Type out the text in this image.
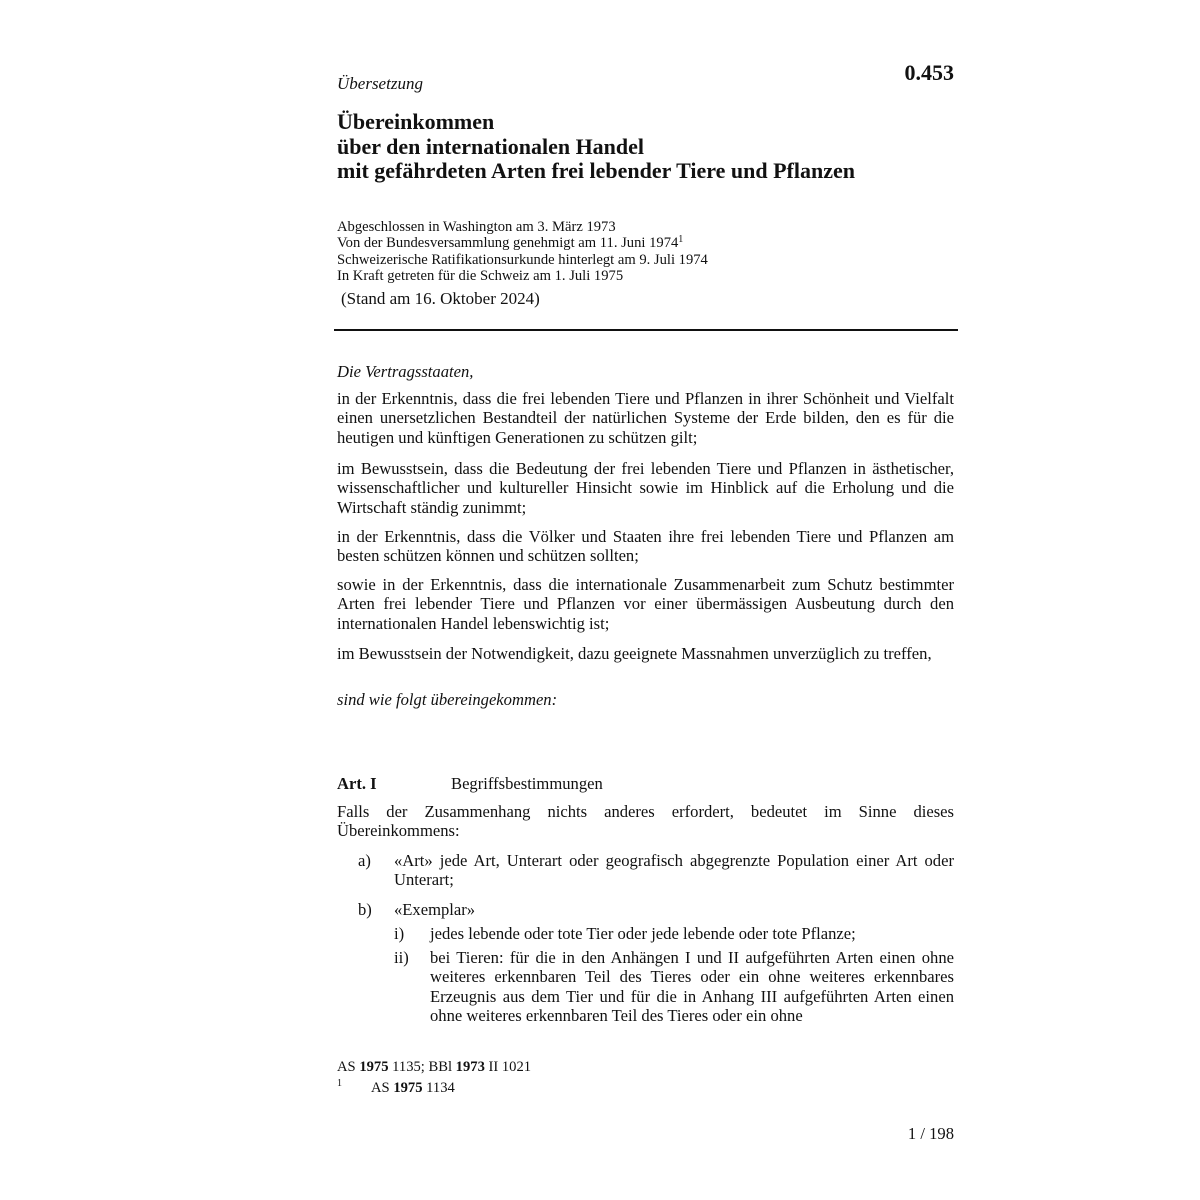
Übersetzung	0.453
Übereinkommen
über den internationalen Handel
mit gefährdeten Arten frei lebender Tiere und Pflanzen
Abgeschlossen in Washington am 3. März 1973
Von der Bundesversammlung genehmigt am 11. Juni 1974$^1$
Schweizerische Ratifikationsurkunde hinterlegt am 9. Juli 1974
In Kraft getreten für die Schweiz am 1. Juli 1975
(Stand am 16. Oktober 2024)

Die Vertragsstaaten,

in der Erkenntnis, dass die frei lebenden Tiere und Pflanzen in ihrer Schönheit und Vielfalt einen unersetzlichen Bestandteil der natürlichen Systeme der Erde bilden, den es für die heutigen und künftigen Generationen zu schützen gilt;

im Bewusstsein, dass die Bedeutung der frei lebenden Tiere und Pflanzen in ästhetischer, wissenschaftlicher und kultureller Hinsicht sowie im Hinblick auf die Erholung und die Wirtschaft ständig zunimmt;

in der Erkenntnis, dass die Völker und Staaten ihre frei lebenden Tiere und Pflanzen am besten schützen können und schützen sollten;

sowie in der Erkenntnis, dass die internationale Zusammenarbeit zum Schutz bestimmter Arten frei lebender Tiere und Pflanzen vor einer übermässigen Ausbeutung durch den internationalen Handel lebenswichtig ist;

im Bewusstsein der Notwendigkeit, dazu geeignete Massnahmen unverzüglich zu treffen,

sind wie folgt übereingekommen:

Art. I	Begriffsbestimmungen

Falls der Zusammenhang nichts anderes erfordert, bedeutet im Sinne dieses Übereinkommens:

a) «Art» jede Art, Unterart oder geografisch abgegrenzte Population einer Art oder Unterart;

b) «Exemplar»

i) jedes lebende oder tote Tier oder jede lebende oder tote Pflanze;

ii) bei Tieren: für die in den Anhängen I und II aufgeführten Arten einen ohne weiteres erkennbaren Teil des Tieres oder ein ohne weiteres erkennbares Erzeugnis aus dem Tier und für die in Anhang III aufgeführten Arten einen ohne weiteres erkennbaren Teil des Tieres oder ein ohne

AS 1975 1135; BBl 1973 II 1021
1 AS 1975 1134
1 / 198
